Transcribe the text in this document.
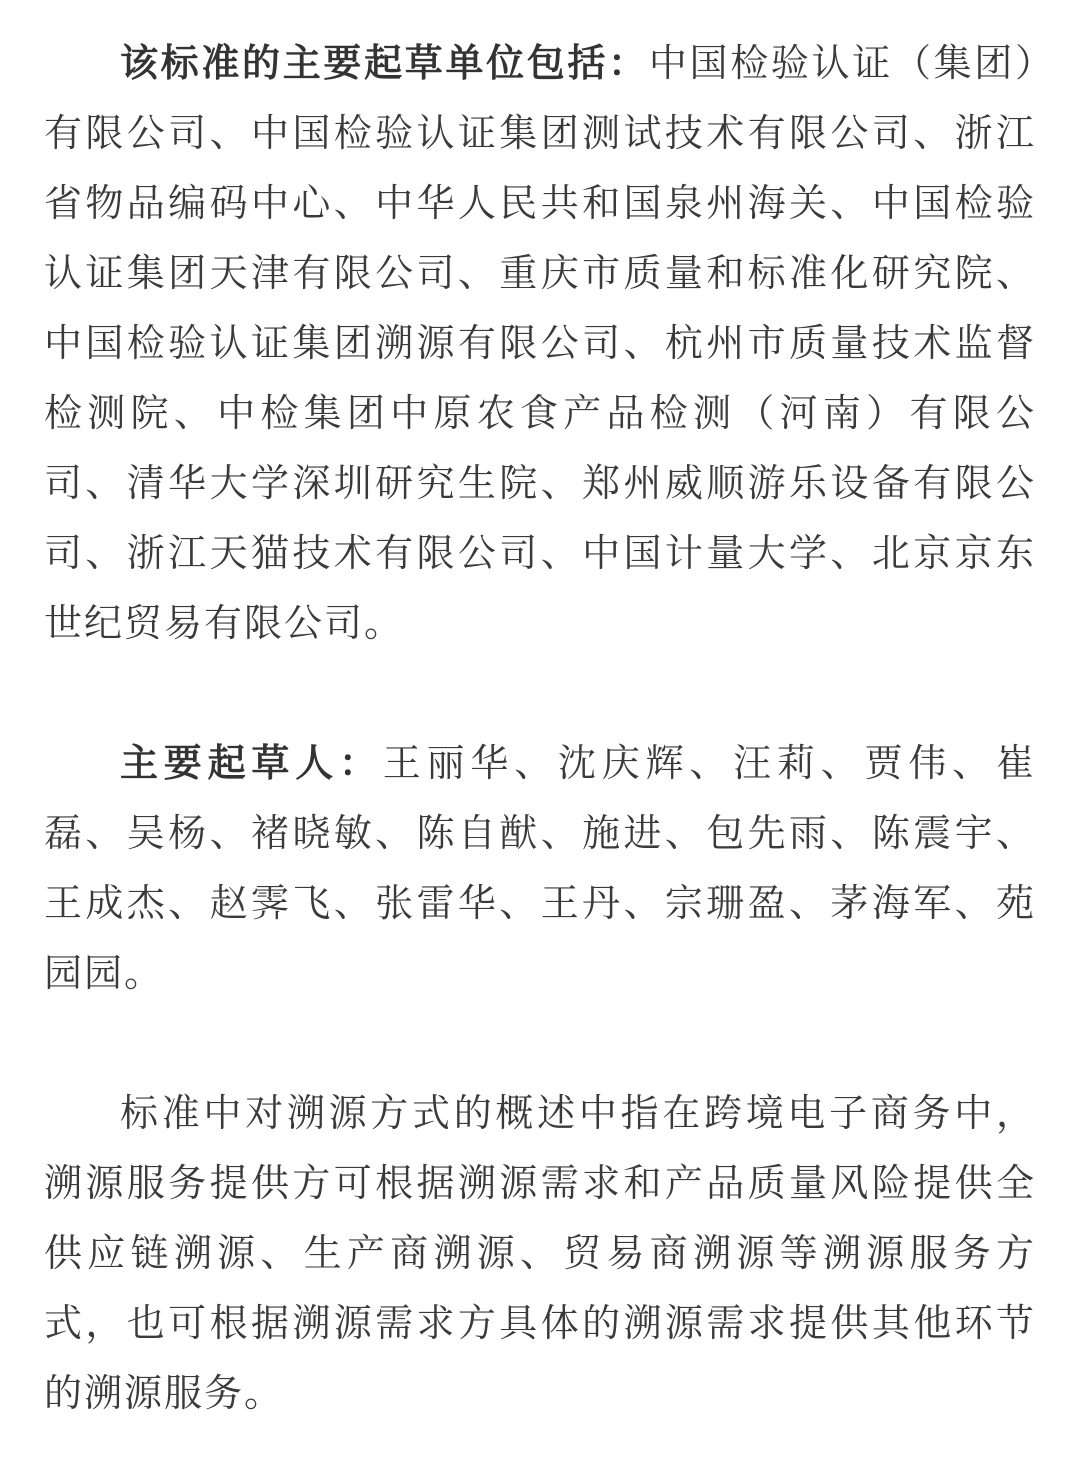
该标准的主要起草单位包括：中国检验认证（集团）有限公司、中国检验认证集团测试技术有限公司、浙江省物品编码中心、中华人民共和国泉州海关、中国检验认证集团天津有限公司、重庆市质量和标准化研究院、中国检验认证集团溯源有限公司、杭州市质量技术监督检测院、中检集团中原农食产品检测（河南）有限公司、清华大学深圳研究生院、郑州威顺游乐设备有限公司、浙江天猫技术有限公司、中国计量大学、北京京东世纪贸易有限公司。

主要起草人：王丽华、沈庆辉、汪莉、贾伟、崔磊、吴杨、褚晓敏、陈自猷、施进、包先雨、陈震宇、王成杰、赵霁飞、张雷华、王丹、宗珊盈、茅海军、苑园园。

标准中对溯源方式的概述中指在跨境电子商务中，溯源服务提供方可根据溯源需求和产品质量风险提供全供应链溯源、生产商溯源、贸易商溯源等溯源服务方式，也可根据溯源需求方具体的溯源需求提供其他环节的溯源服务。
